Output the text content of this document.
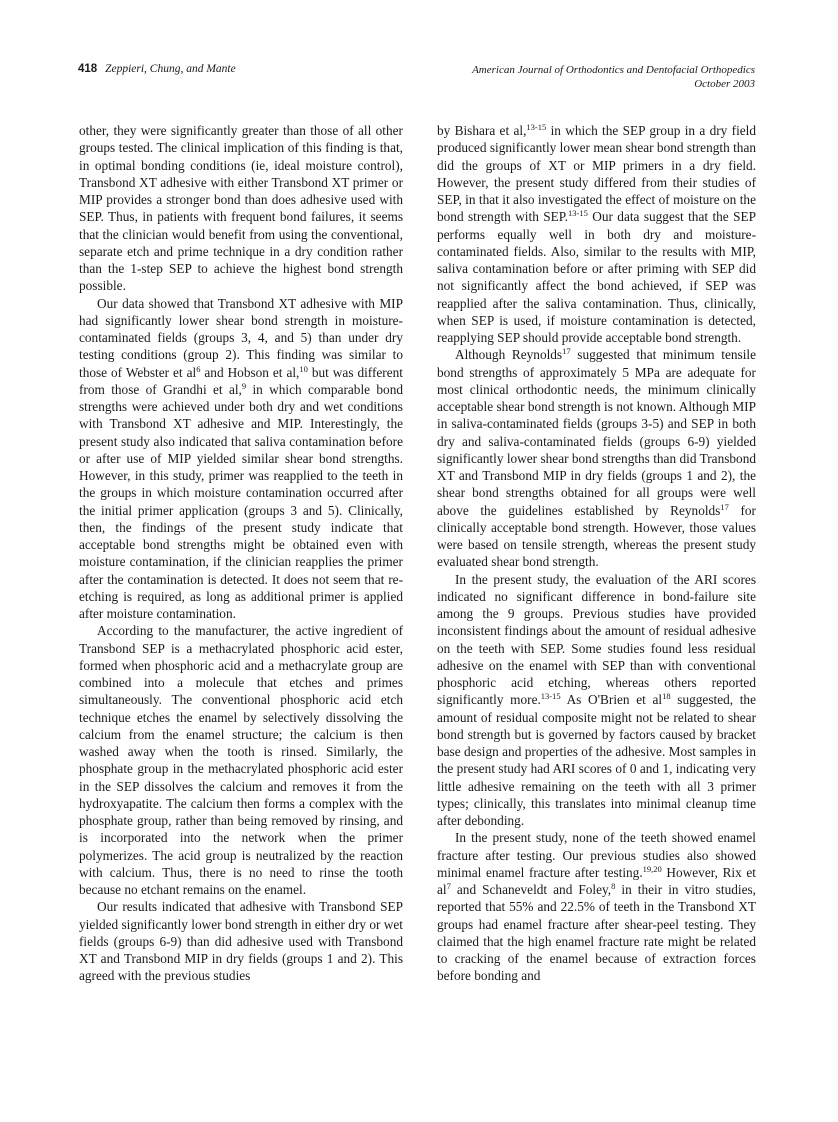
418 Zeppieri, Chung, and Mante	American Journal of Orthodontics and Dentofacial Orthopedics
October 2003

other, they were significantly greater than those of all other groups tested. The clinical implication of this finding is that, in optimal bonding conditions (ie, ideal moisture control), Transbond XT adhesive with either Transbond XT primer or MIP provides a stronger bond than does adhesive used with SEP. Thus, in patients with frequent bond failures, it seems that the clinician would benefit from using the conventional, separate etch and prime technique in a dry condition rather than the 1-step SEP to achieve the highest bond strength possible.

Our data showed that Transbond XT adhesive with MIP had significantly lower shear bond strength in moisture-contaminated fields (groups 3, 4, and 5) than under dry testing conditions (group 2). This finding was similar to those of Webster et $al^6$ and Hobson et al,$^{10}$ but was different from those of Grandhi et al,$^9$ in which comparable bond strengths were achieved under both dry and wet conditions with Transbond XT adhesive and MIP. Interestingly, the present study also indicated that saliva contamination before or after use of MIP yielded similar shear bond strengths. However, in this study, primer was reapplied to the teeth in the groups in which moisture contamination occurred after the initial primer application (groups 3 and 5). Clinically, then, the findings of the present study indicate that acceptable bond strengths might be obtained even with moisture contamination, if the clinician reapplies the primer after the contamination is detected. It does not seem that re-etching is required, as long as additional primer is applied after moisture contamination.

According to the manufacturer, the active ingredient of Transbond SEP is a methacrylated phosphoric acid ester, formed when phosphoric acid and a methacrylate group are combined into a molecule that etches and primes simultaneously. The conventional phosphoric acid etch technique etches the enamel by selectively dissolving the calcium from the enamel structure; the calcium is then washed away when the tooth is rinsed. Similarly, the phosphate group in the methacrylated phosphoric acid ester in the SEP dissolves the calcium and removes it from the hydroxyapatite. The calcium then forms a complex with the phosphate group, rather than being removed by rinsing, and is incorporated into the network when the primer polymerizes. The acid group is neutralized by the reaction with calcium. Thus, there is no need to rinse the tooth because no etchant remains on the enamel.

Our results indicated that adhesive with Transbond SEP yielded significantly lower bond strength in either dry or wet fields (groups 6-9) than did adhesive used with Transbond XT and Transbond MIP in dry fields (groups 1 and 2). This agreed with the previous studies

by Bishara et al,$^{13-15}$ in which the SEP group in a dry field produced significantly lower mean shear bond strength than did the groups of XT or MIP primers in a dry field. However, the present study differed from their studies of SEP, in that it also investigated the effect of moisture on the bond strength with SEP.$^{13-15}$ Our data suggest that the SEP performs equally well in both dry and moisture-contaminated fields. Also, similar to the results with MIP, saliva contamination before or after priming with SEP did not significantly affect the bond achieved, if SEP was reapplied after the saliva contamination. Thus, clinically, when SEP is used, if moisture contamination is detected, reapplying SEP should provide acceptable bond strength.

Although Reynolds$^{17}$ suggested that minimum tensile bond strengths of approximately 5 MPa are adequate for most clinical orthodontic needs, the minimum clinically acceptable shear bond strength is not known. Although MIP in saliva-contaminated fields (groups 3-5) and SEP in both dry and saliva-contaminated fields (groups 6-9) yielded significantly lower shear bond strengths than did Transbond XT and Transbond MIP in dry fields (groups 1 and 2), the shear bond strengths obtained for all groups were well above the guidelines established by Reynolds$^{17}$ for clinically acceptable bond strength. However, those values were based on tensile strength, whereas the present study evaluated shear bond strength.

In the present study, the evaluation of the ARI scores indicated no significant difference in bond-failure site among the 9 groups. Previous studies have provided inconsistent findings about the amount of residual adhesive on the teeth with SEP. Some studies found less residual adhesive on the enamel with SEP than with conventional phosphoric acid etching, whereas others reported significantly more.$^{13-15}$ As O'Brien et $al^{18}$ suggested, the amount of residual composite might not be related to shear bond strength but is governed by factors caused by bracket base design and properties of the adhesive. Most samples in the present study had ARI scores of 0 and 1, indicating very little adhesive remaining on the teeth with all 3 primer types; clinically, this translates into minimal cleanup time after debonding.

In the present study, none of the teeth showed enamel fracture after testing. Our previous studies also showed minimal enamel fracture after testing.$^{19,20}$ However, Rix et $al^7$ and Schaneveldt and Foley,$^8$ in their in vitro studies, reported that 55% and 22.5% of teeth in the Transbond XT groups had enamel fracture after shear-peel testing. They claimed that the high enamel fracture rate might be related to cracking of the enamel because of extraction forces before bonding and
